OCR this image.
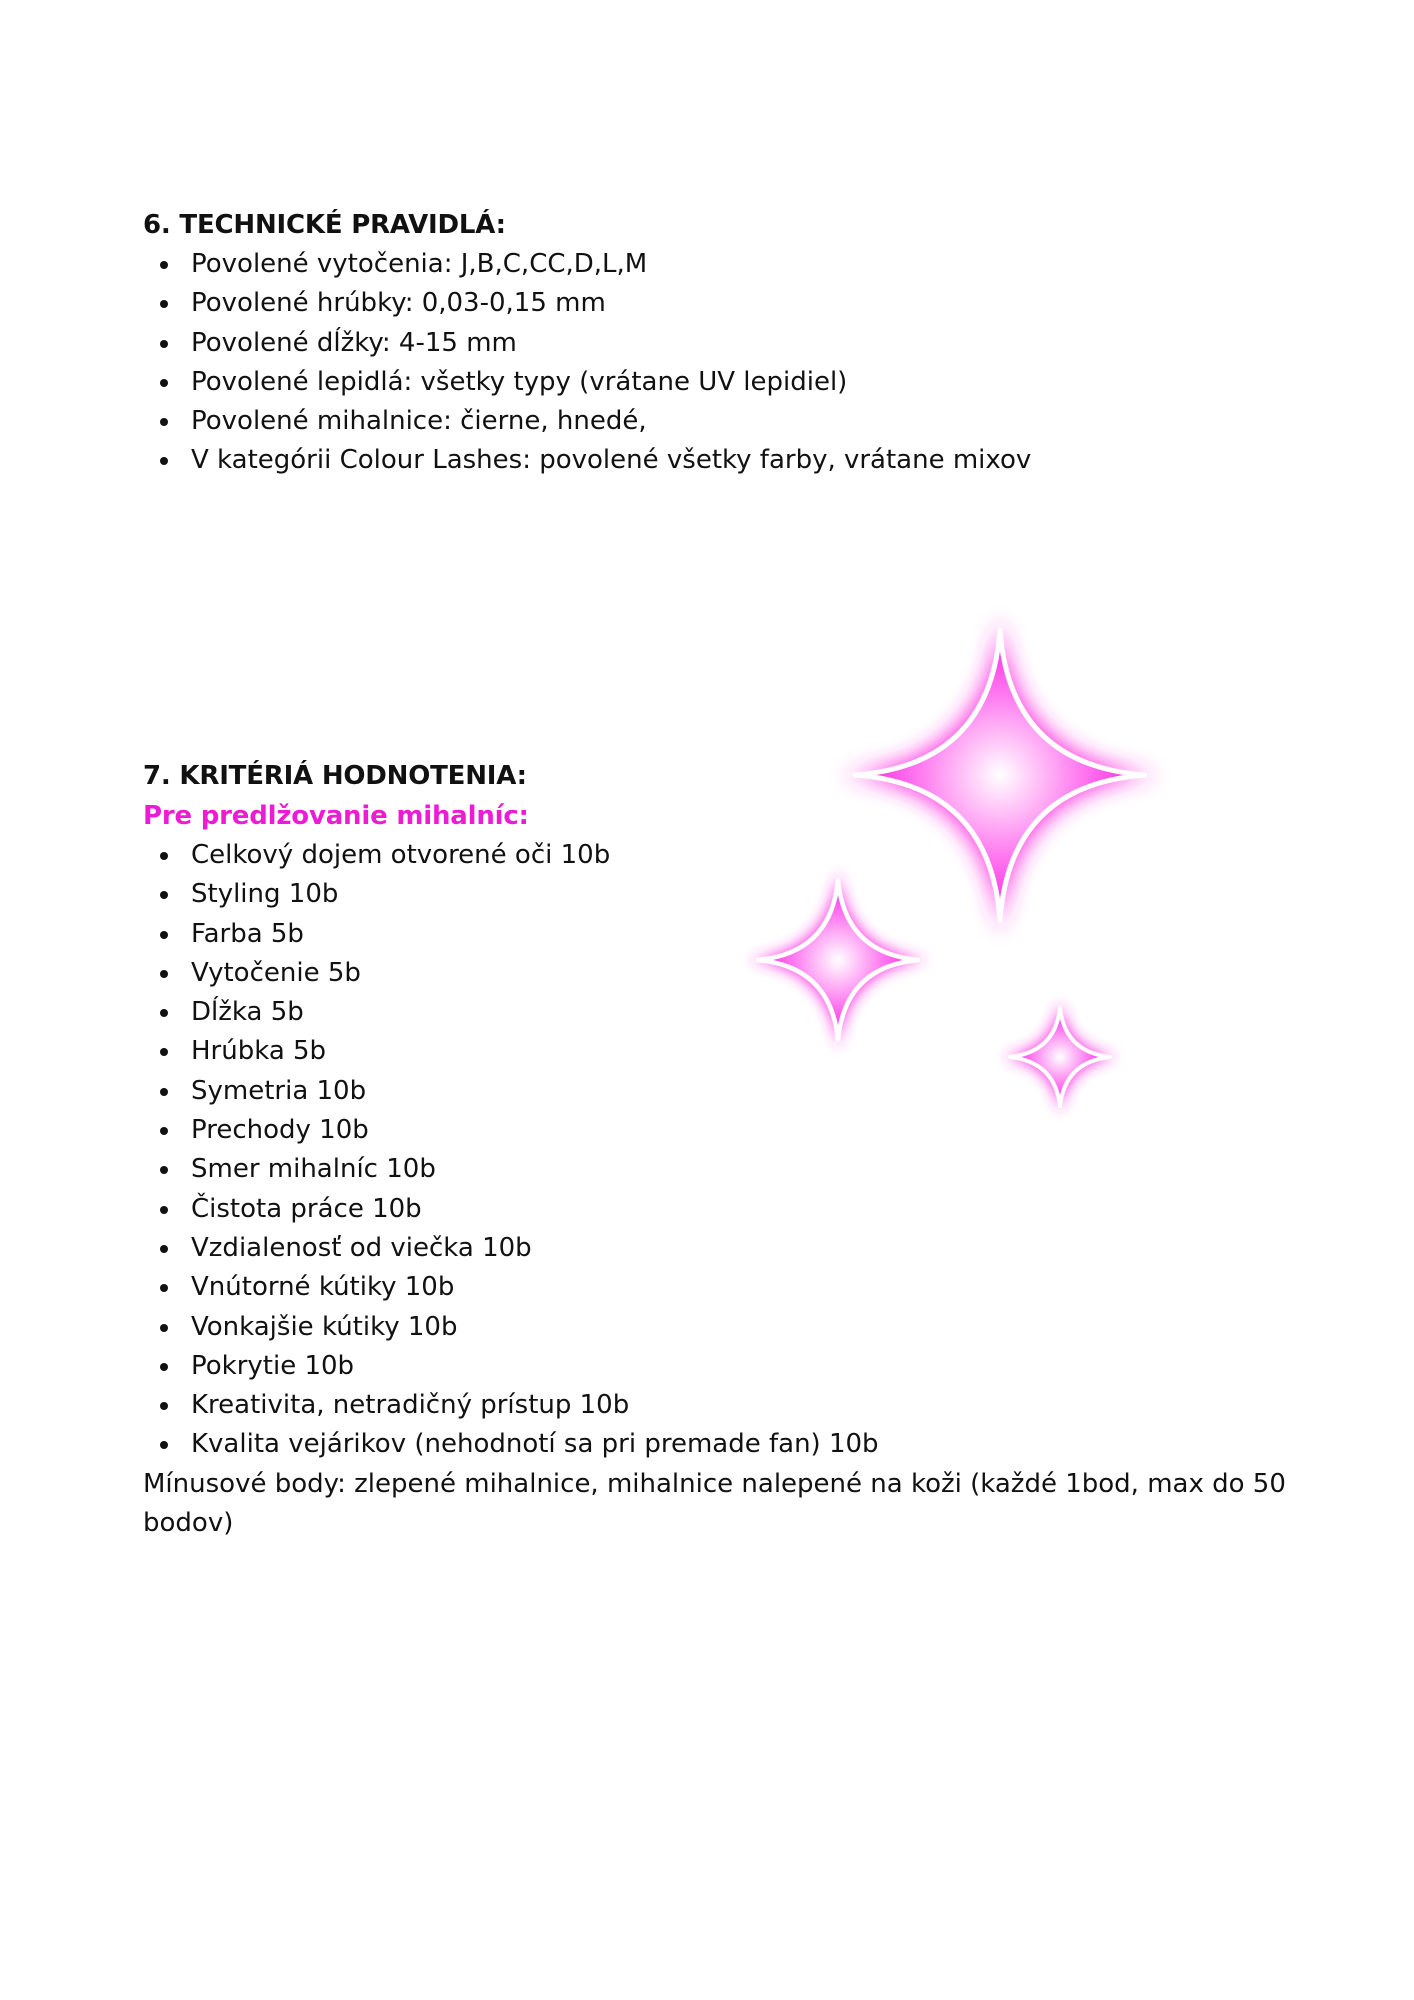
6. TECHNICKÉ PRAVIDLÁ:
Povolené vytočenia: J,B,C,CC,D,L,M
Povolené hrúbky: 0,03-0,15 mm
Povolené dĺžky: 4-15 mm
Povolené lepidlá: všetky typy (vrátane UV lepidiel)
Povolené mihalnice: čierne, hnedé,
V kategórii Colour Lashes: povolené všetky farby, vrátane mixov
7. KRITÉRIÁ HODNOTENIA:

Pre predlžovanie mihalníc:

Celkový dojem otvorené oči 10b
Styling 10b
Farba 5b
Vytočenie 5b
Dĺžka 5b
Hrúbka 5b
Symetria 10b
Prechody 10b
Smer mihalníc 10b
Čistota práce 10b
Vzdialenosť od viečka 10b
Vnútorné kútiky 10b
Vonkajšie kútiky 10b
Pokrytie 10b
Kreativita, netradičný prístup 10b
Kvalita vejárikov (nehodnotí sa pri premade fan) 10b

Mínusové body: zlepené mihalnice, mihalnice nalepené na koži (každé 1bod, max do 50 bodov)
